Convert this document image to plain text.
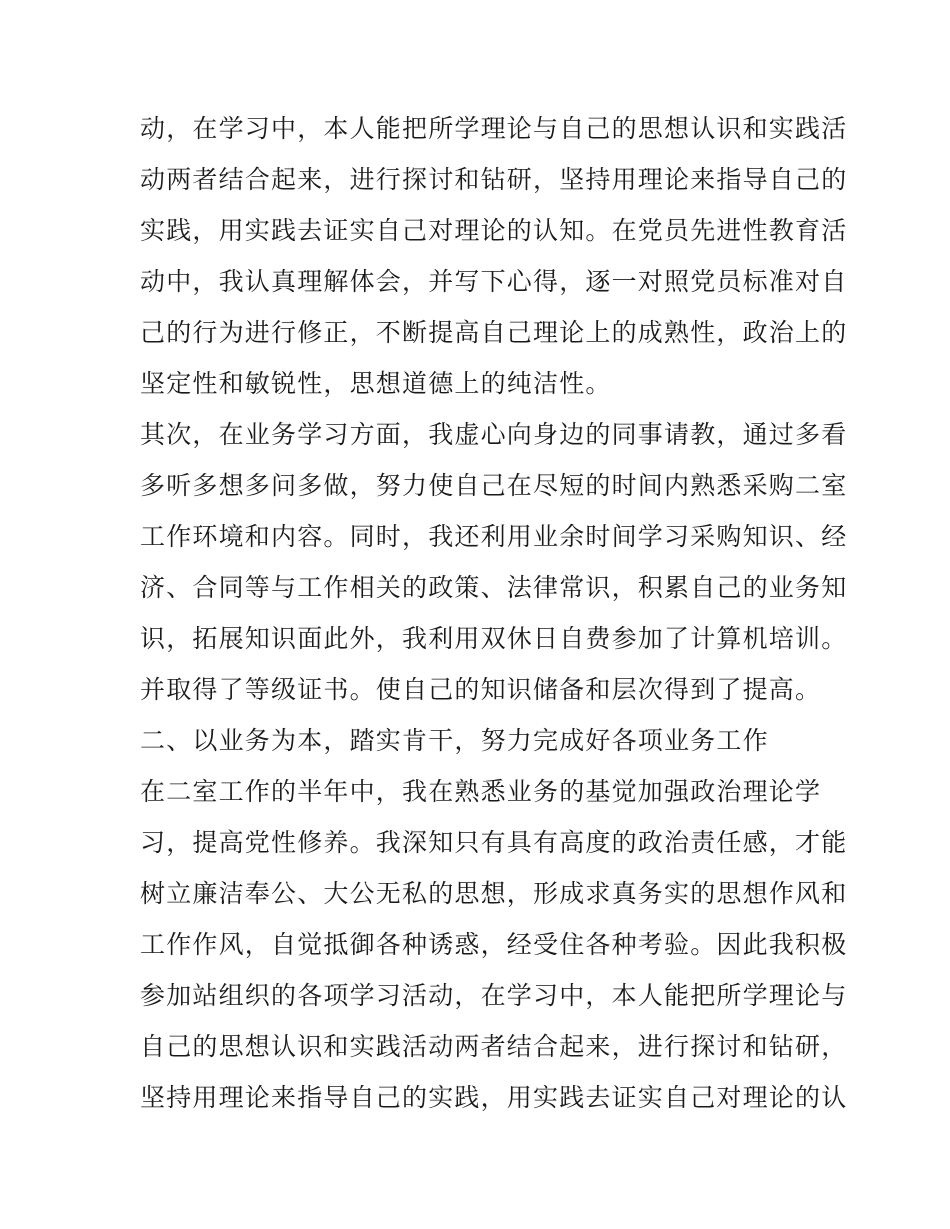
动，在学习中，本人能把所学理论与自己的思想认识和实践活
动两者结合起来，进行探讨和钻研，坚持用理论来指导自己的
实践，用实践去证实自己对理论的认知。在党员先进性教育活
动中，我认真理解体会，并写下心得，逐一对照党员标准对自
己的行为进行修正，不断提高自己理论上的成熟性，政治上的
坚定性和敏锐性，思想道德上的纯洁性。
其次，在业务学习方面，我虚心向身边的同事请教，通过多看
多听多想多问多做，努力使自己在尽短的时间内熟悉采购二室
工作环境和内容。同时，我还利用业余时间学习采购知识、经
济、合同等与工作相关的政策、法律常识，积累自己的业务知
识，拓展知识面此外，我利用双休日自费参加了计算机培训。
并取得了等级证书。使自己的知识储备和层次得到了提高。
二、以业务为本，踏实肯干，努力完成好各项业务工作
在二室工作的半年中，我在熟悉业务的基觉加强政治理论学
习，提高党性修养。我深知只有具有高度的政治责任感，才能
树立廉洁奉公、大公无私的思想，形成求真务实的思想作风和
工作作风，自觉抵御各种诱惑，经受住各种考验。因此我积极
参加站组织的各项学习活动，在学习中，本人能把所学理论与
自己的思想认识和实践活动两者结合起来，进行探讨和钻研，
坚持用理论来指导自己的实践，用实践去证实自己对理论的认
